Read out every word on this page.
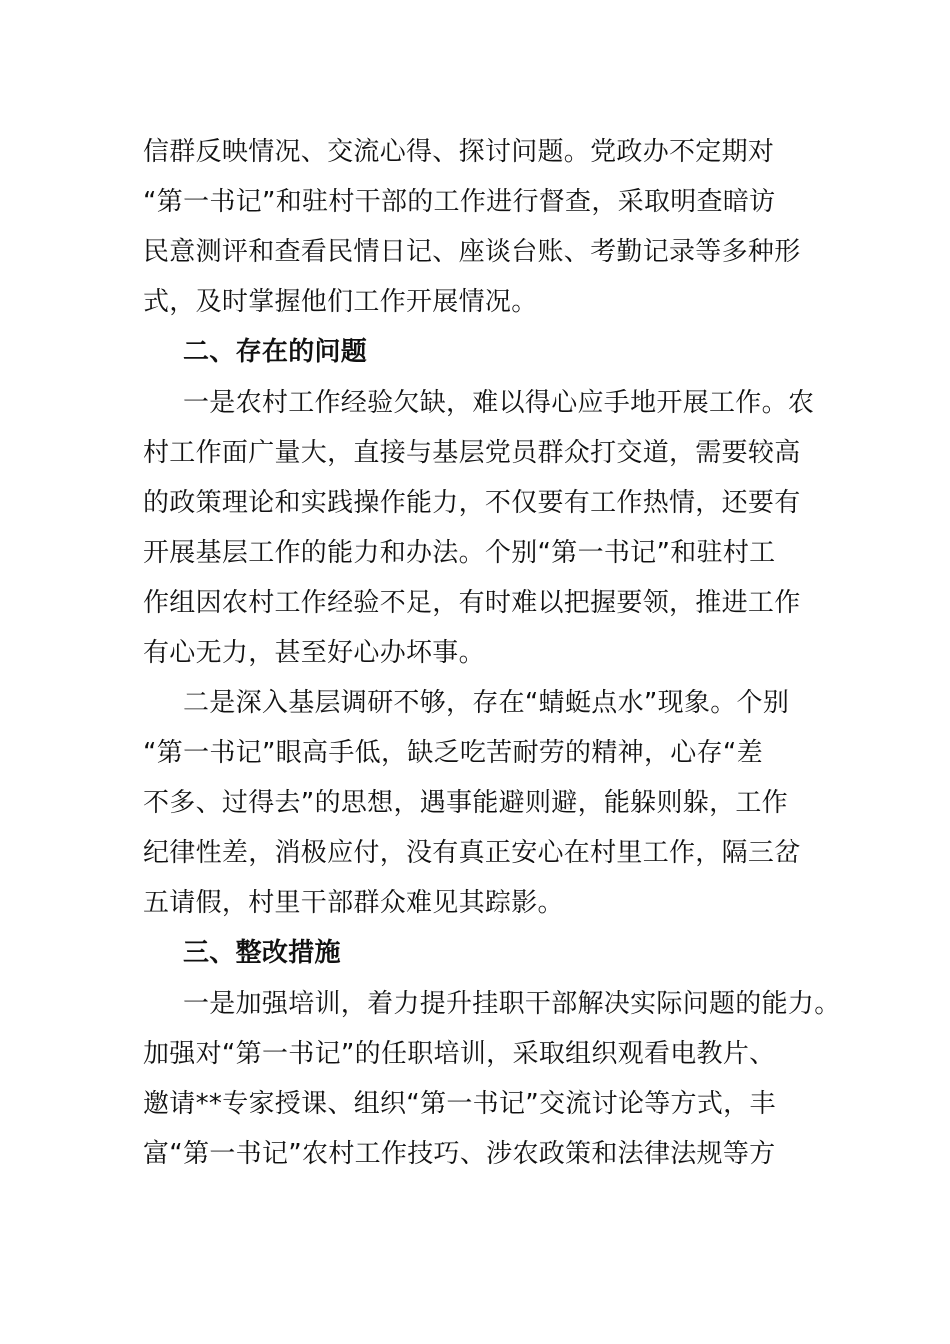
信群反映情况、交流心得、探讨问题。党政办不定期对
“第一书记”和驻村干部的工作进行督查，采取明查暗访
民意测评和查看民情日记、座谈台账、考勤记录等多种形
式，及时掌握他们工作开展情况。
二、存在的问题
一是农村工作经验欠缺，难以得心应手地开展工作。农
村工作面广量大，直接与基层党员群众打交道，需要较高
的政策理论和实践操作能力，不仅要有工作热情，还要有
开展基层工作的能力和办法。个别“第一书记”和驻村工
作组因农村工作经验不足，有时难以把握要领，推进工作
有心无力，甚至好心办坏事。
二是深入基层调研不够，存在“蜻蜓点水”现象。个别
“第一书记”眼高手低，缺乏吃苦耐劳的精神，心存“差
不多、过得去”的思想，遇事能避则避，能躲则躲，工作
纪律性差，消极应付，没有真正安心在村里工作，隔三岔
五请假，村里干部群众难见其踪影。
三、整改措施
一是加强培训，着力提升挂职干部解决实际问题的能力。
加强对“第一书记”的任职培训，采取组织观看电教片、
邀请**专家授课、组织“第一书记”交流讨论等方式，丰
富“第一书记”农村工作技巧、涉农政策和法律法规等方
